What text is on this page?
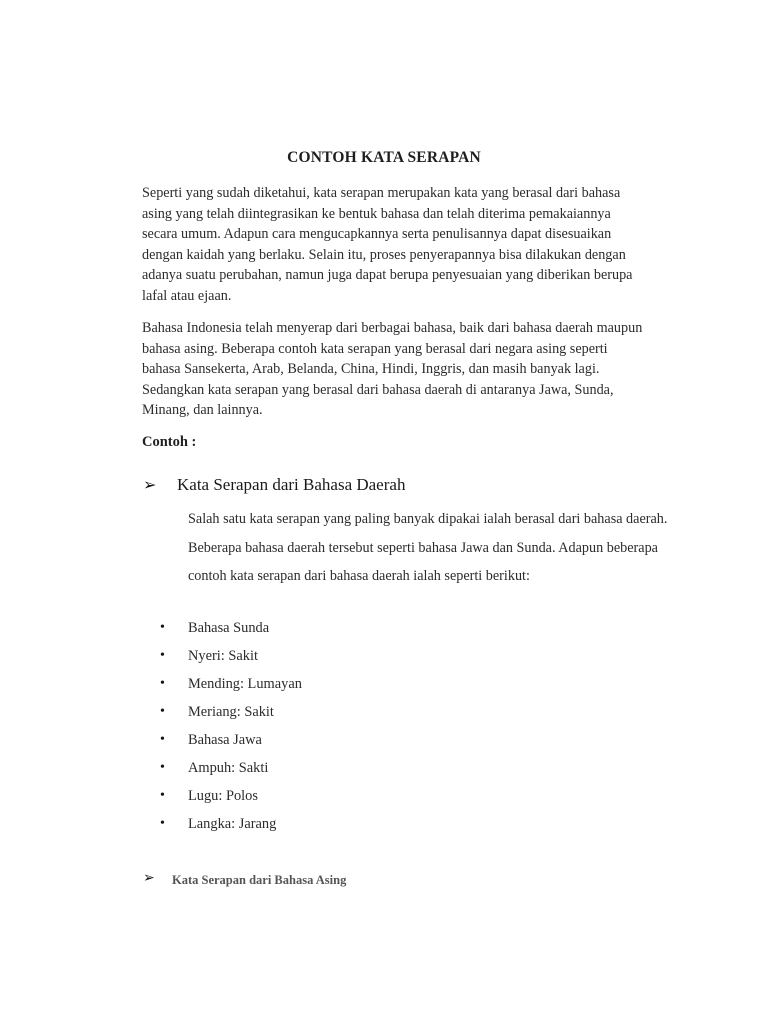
CONTOH KATA SERAPAN
Seperti yang sudah diketahui, kata serapan merupakan kata yang berasal dari bahasa asing yang telah diintegrasikan ke bentuk bahasa dan telah diterima pemakaiannya secara umum. Adapun cara mengucapkannya serta penulisannya dapat disesuaikan dengan kaidah yang berlaku. Selain itu, proses penyerapannya bisa dilakukan dengan adanya suatu perubahan, namun juga dapat berupa penyesuaian yang diberikan berupa lafal atau ejaan.
Bahasa Indonesia telah menyerap dari berbagai bahasa, baik dari bahasa daerah maupun bahasa asing. Beberapa contoh kata serapan yang berasal dari negara asing seperti bahasa Sansekerta, Arab, Belanda, China, Hindi, Inggris, dan masih banyak lagi. Sedangkan kata serapan yang berasal dari bahasa daerah di antaranya Jawa, Sunda, Minang, dan lainnya.
Contoh :
➢ Kata Serapan dari Bahasa Daerah
Salah satu kata serapan yang paling banyak dipakai ialah berasal dari bahasa daerah. Beberapa bahasa daerah tersebut seperti bahasa Jawa dan Sunda. Adapun beberapa contoh kata serapan dari bahasa daerah ialah seperti berikut:
• Bahasa Sunda
• Nyeri: Sakit
• Mending: Lumayan
• Meriang: Sakit
• Bahasa Jawa
• Ampuh: Sakti
• Lugu: Polos
• Langka: Jarang
➢ Kata Serapan dari Bahasa Asing
